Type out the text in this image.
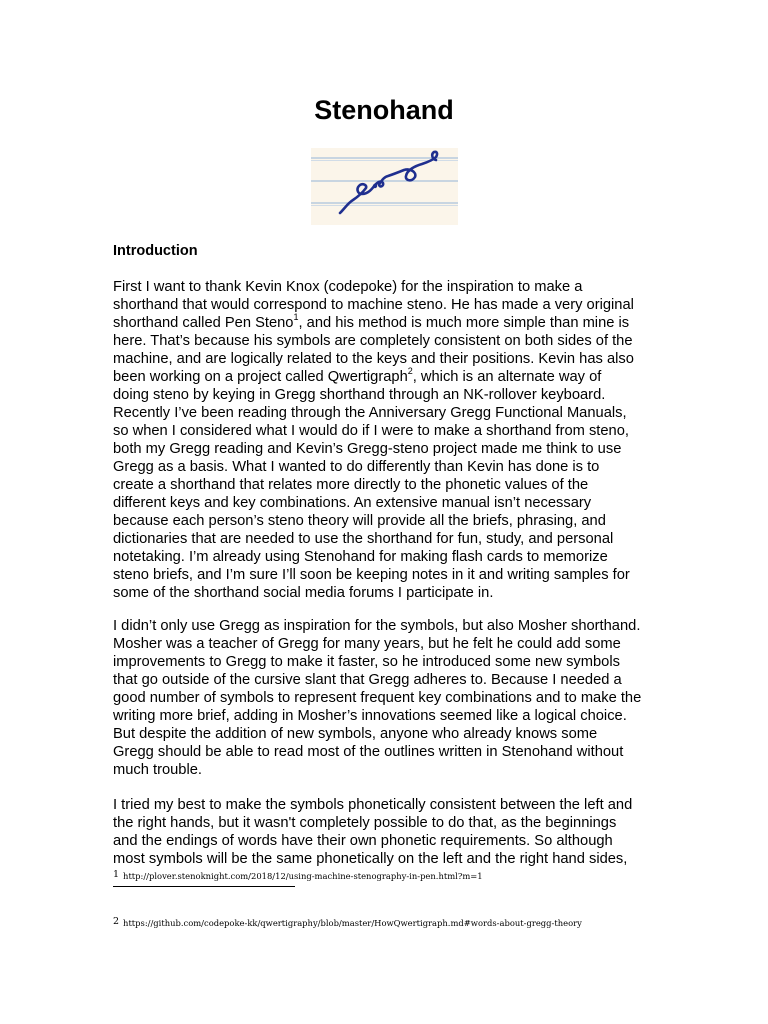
Stenohand
Introduction
First I want to thank Kevin Knox (codepoke) for the inspiration to make a
shorthand that would correspond to machine steno. He has made a very original
shorthand called Pen Steno$^1$, and his method is much more simple than mine is
here. That’s because his symbols are completely consistent on both sides of the
machine, and are logically related to the keys and their positions. Kevin has also
been working on a project called Qwertigraph$^2$, which is an alternate way of
doing steno by keying in Gregg shorthand through an NK-rollover keyboard.
Recently I’ve been reading through the Anniversary Gregg Functional Manuals,
so when I considered what I would do if I were to make a shorthand from steno,
both my Gregg reading and Kevin’s Gregg-steno project made me think to use
Gregg as a basis. What I wanted to do differently than Kevin has done is to
create a shorthand that relates more directly to the phonetic values of the
different keys and key combinations. An extensive manual isn’t necessary
because each person’s steno theory will provide all the briefs, phrasing, and
dictionaries that are needed to use the shorthand for fun, study, and personal
notetaking. I’m already using Stenohand for making flash cards to memorize
steno briefs, and I’m sure I’ll soon be keeping notes in it and writing samples for
some of the shorthand social media forums I participate in.
I didn’t only use Gregg as inspiration for the symbols, but also Mosher shorthand.
Mosher was a teacher of Gregg for many years, but he felt he could add some
improvements to Gregg to make it faster, so he introduced some new symbols
that go outside of the cursive slant that Gregg adheres to. Because I needed a
good number of symbols to represent frequent key combinations and to make the
writing more brief, adding in Mosher’s innovations seemed like a logical choice.
But despite the addition of new symbols, anyone who already knows some
Gregg should be able to read most of the outlines written in Stenohand without
much trouble.
I tried my best to make the symbols phonetically consistent between the left and
the right hands, but it wasn't completely possible to do that, as the beginnings
and the endings of words have their own phonetic requirements. So although
most symbols will be the same phonetically on the left and the right hand sides,
1 http://plover.stenoknight.com/2018/12/using-machine-stenography-in-pen.html?m=1
2 https://github.com/codepoke-kk/qwertigraphy/blob/master/HowQwertigraph.md#words-about-gregg-theory
